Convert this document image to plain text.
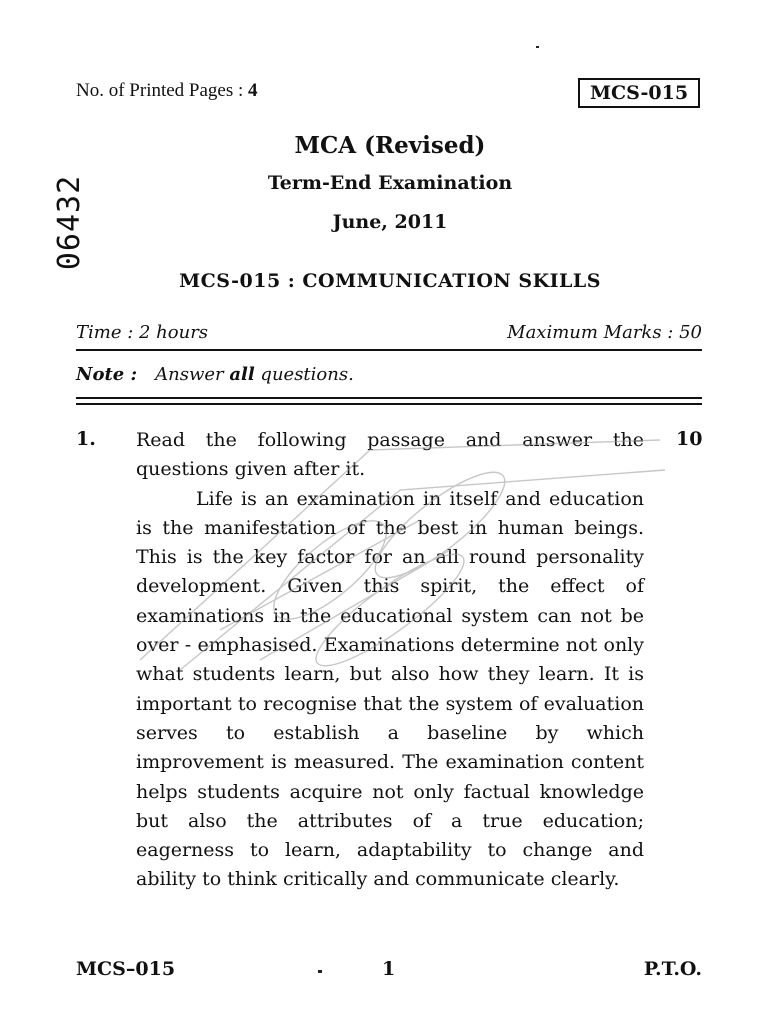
No. of Printed Pages : 4	MCS-015
06432
MCA (Revised)
Term-End Examination
June, 2011
MCS-015 : COMMUNICATION SKILLS
Time : 2 hours	Maximum Marks : 50
Note : Answer all questions.
1.	10

Read the following passage and answer the questions given after it.

Life is an examination in itself and education is the manifestation of the best in human beings. This is the key factor for an all round personality development. Given this spirit, the effect of examinations in the educational system can not be over - emphasised. Examinations determine not only what students learn, but also how they learn. It is important to recognise that the system of evaluation serves to establish a baseline by which improvement is measured. The examination content helps students acquire not only factual knowledge but also the attributes of a true education; eagerness to learn, adaptability to change and ability to think critically and communicate clearly.

MCS–015	1	P.T.O.
